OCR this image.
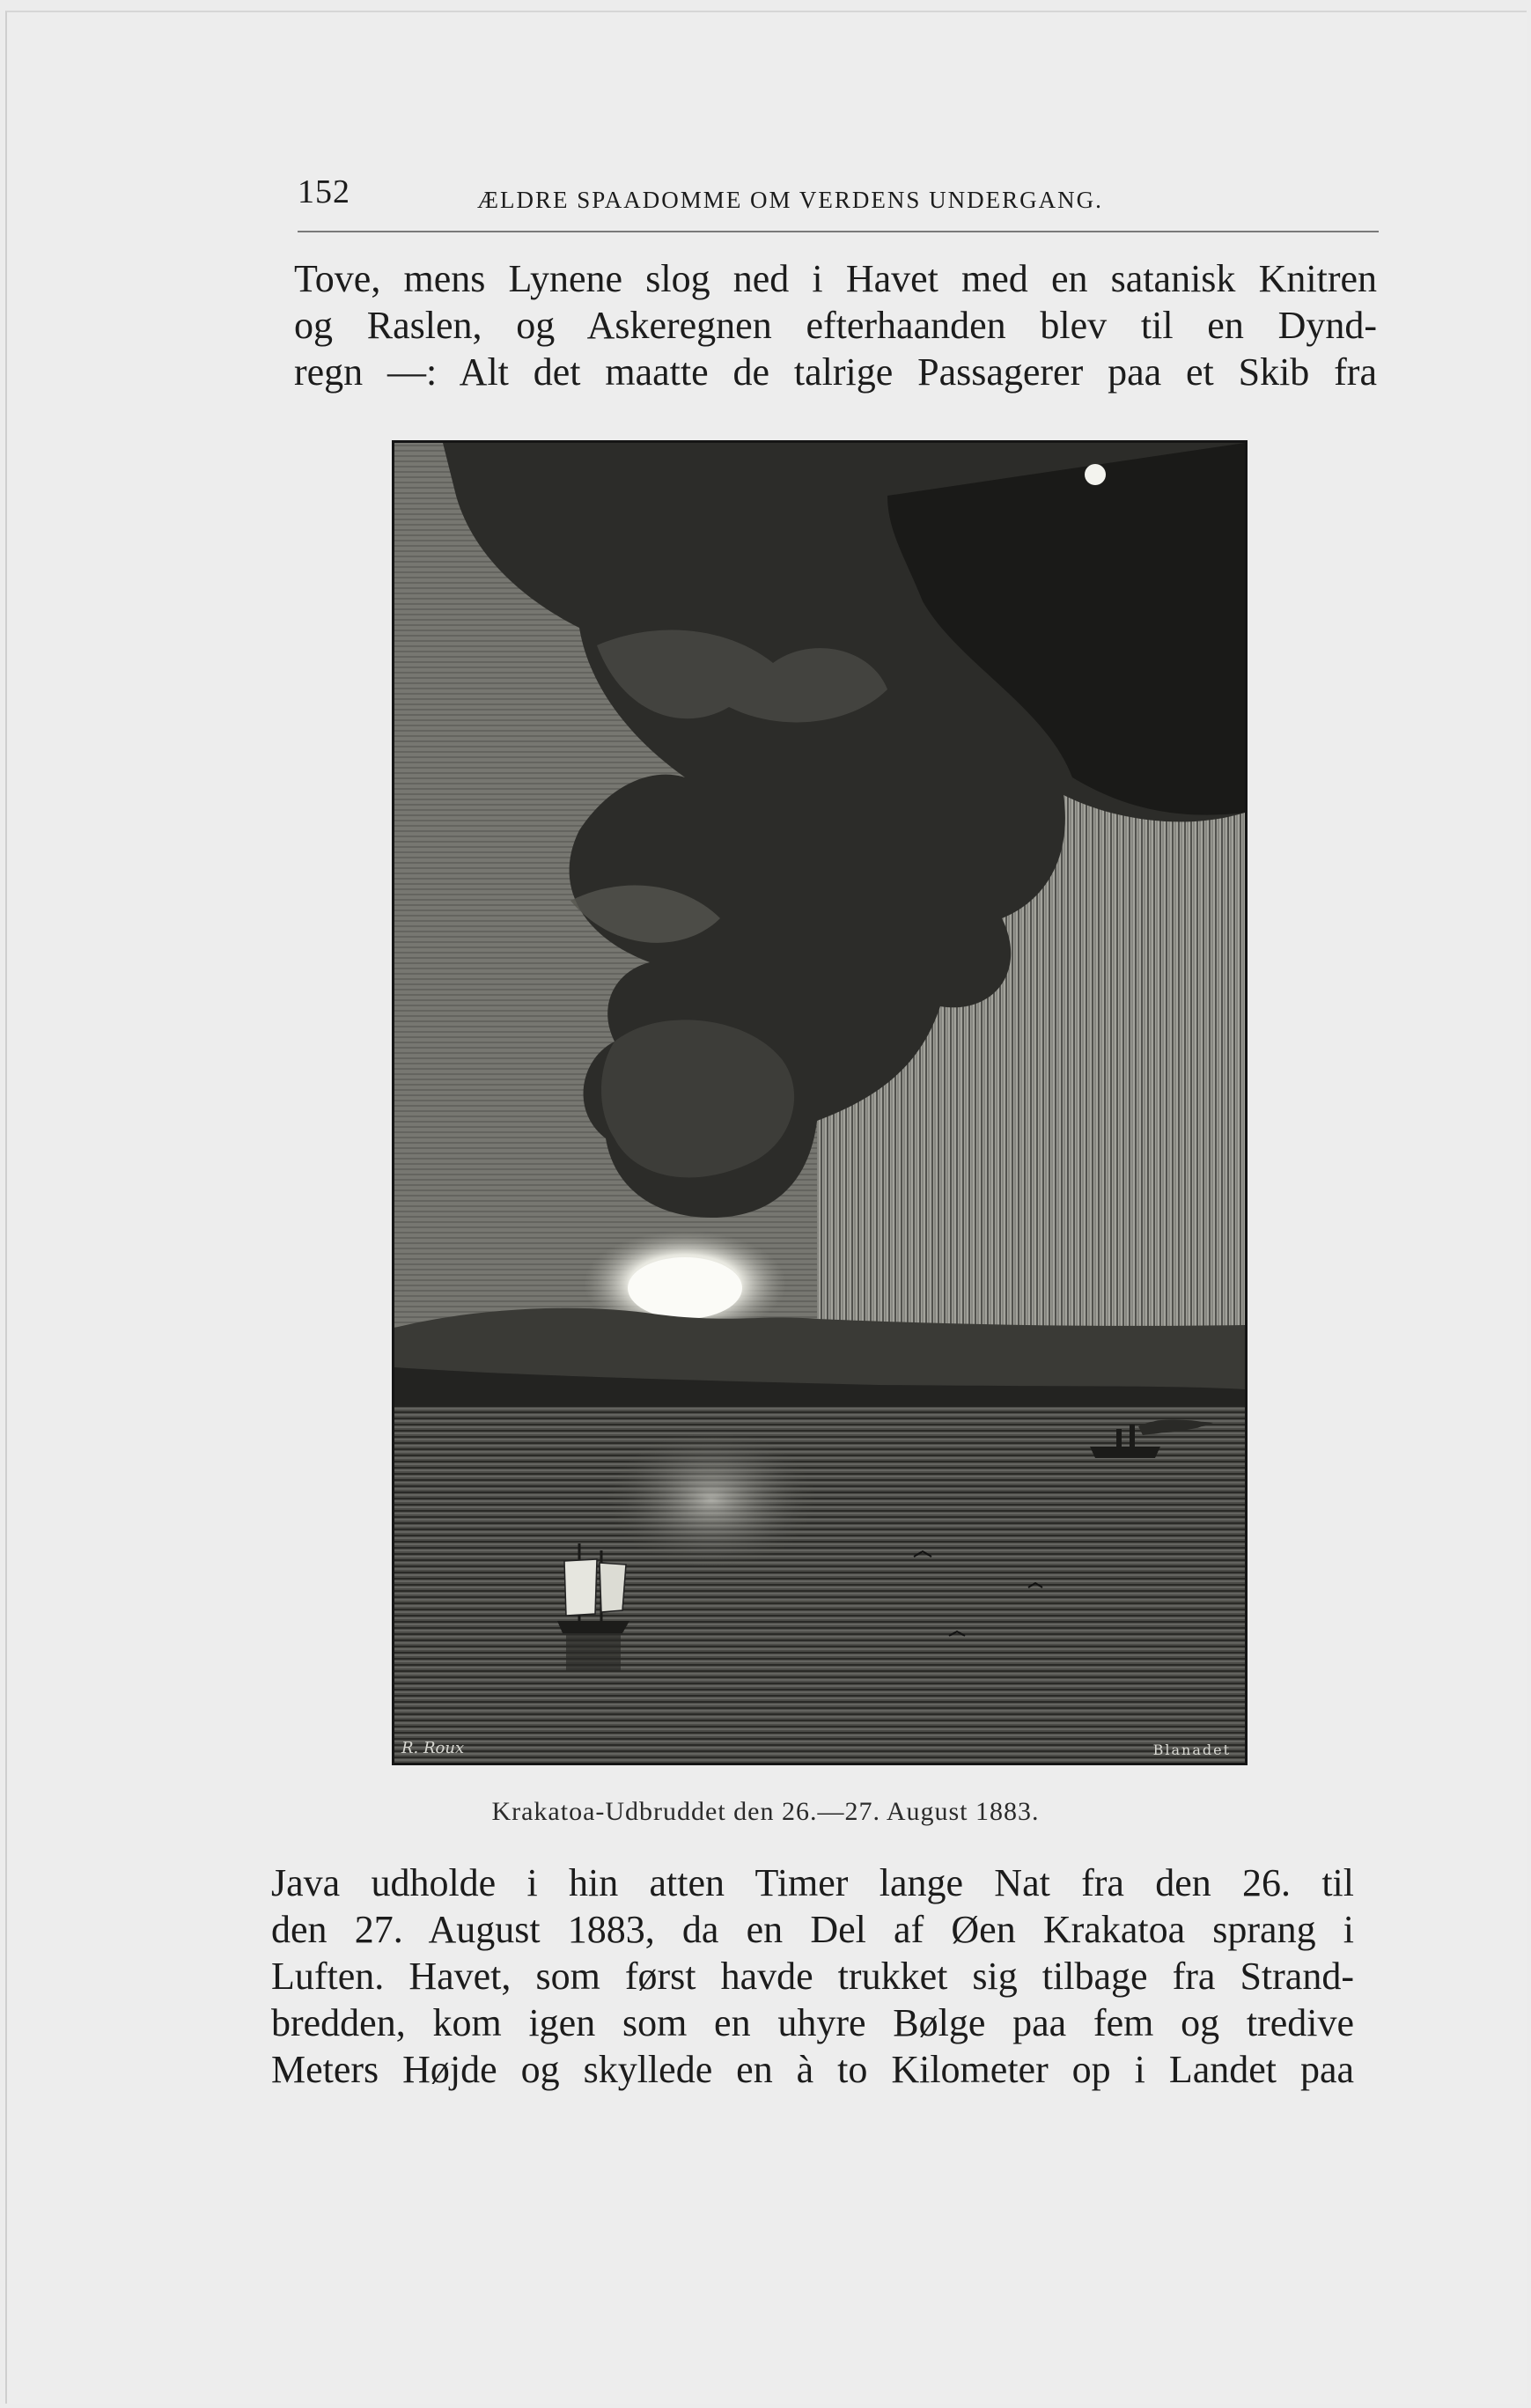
152	ÆLDRE SPAADOMME OM VERDENS UNDERGANG.

Tove, mens Lynene slog ned i Havet med en satanisk Knitren
og Raslen, og Askeregnen efterhaanden blev til en Dynd-
regn —: Alt det maatte de talrige Passagerer paa et Skib fra

R. Roux	Blanadet
Krakatoa-Udbruddet den 26.—27. August 1883.

Java udholde i hin atten Timer lange Nat fra den 26. til
den 27. August 1883, da en Del af Øen Krakatoa sprang i
Luften. Havet, som først havde trukket sig tilbage fra Strand-
bredden, kom igen som en uhyre Bølge paa fem og tredive
Meters Højde og skyllede en à to Kilometer op i Landet paa
